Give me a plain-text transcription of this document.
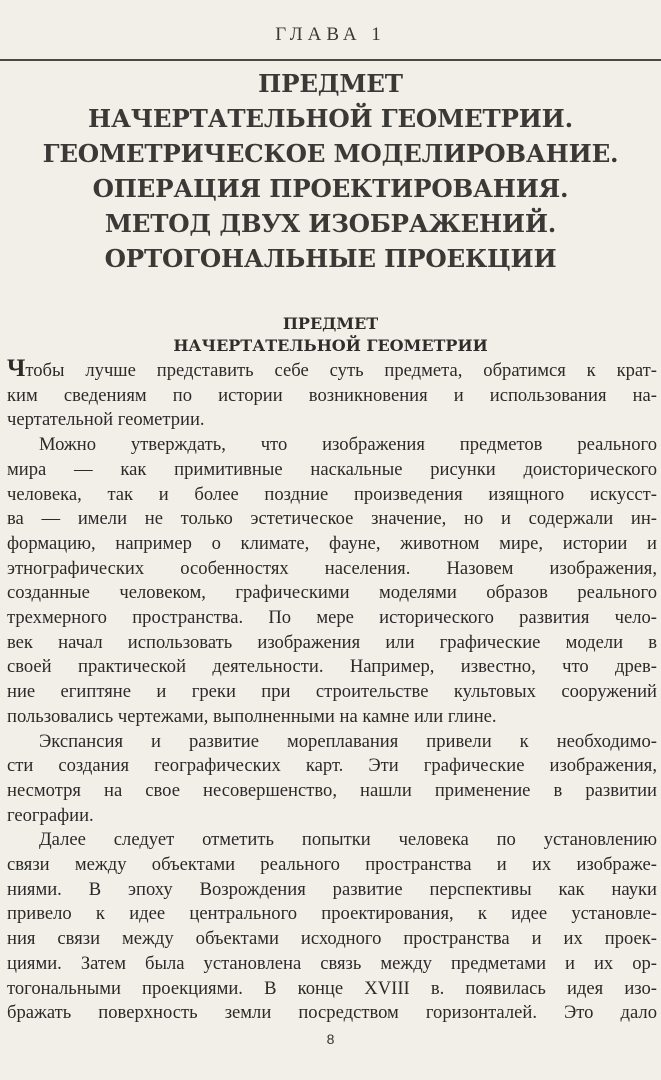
ГЛАВА 1
ПРЕДМЕТ
НАЧЕРТАТЕЛЬНОЙ ГЕОМЕТРИИ.
ГЕОМЕТРИЧЕСКОЕ МОДЕЛИРОВАНИЕ.
ОПЕРАЦИЯ ПРОЕКТИРОВАНИЯ.
МЕТОД ДВУХ ИЗОБРАЖЕНИЙ.
ОРТОГОНАЛЬНЫЕ ПРОЕКЦИИ
ПРЕДМЕТ
НАЧЕРТАТЕЛЬНОЙ ГЕОМЕТРИИ
Чтобы лучше представить себе суть предмета, обратимся к крат-
ким сведениям по истории возникновения и использования на-
чертательной геометрии.
Можно утверждать, что изображения предметов реального
мира — как примитивные наскальные рисунки доисторического
человека, так и более поздние произведения изящного искусст-
ва — имели не только эстетическое значение, но и содержали ин-
формацию, например о климате, фауне, животном мире, истории и
этнографических особенностях населения. Назовем изображения,
созданные человеком, графическими моделями образов реального
трехмерного пространства. По мере исторического развития чело-
век начал использовать изображения или графические модели в
своей практической деятельности. Например, известно, что древ-
ние египтяне и греки при строительстве культовых сооружений
пользовались чертежами, выполненными на камне или глине.
Экспансия и развитие мореплавания привели к необходимо-
сти создания географических карт. Эти графические изображения,
несмотря на свое несовершенство, нашли применение в развитии
географии.
Далее следует отметить попытки человека по установлению
связи между объектами реального пространства и их изображе-
ниями. В эпоху Возрождения развитие перспективы как науки
привело к идее центрального проектирования, к идее установле-
ния связи между объектами исходного пространства и их проек-
циями. Затем была установлена связь между предметами и их ор-
тогональными проекциями. В конце XVIII в. появилась идея изо-
бражать поверхность земли посредством горизонталей. Это дало
8
